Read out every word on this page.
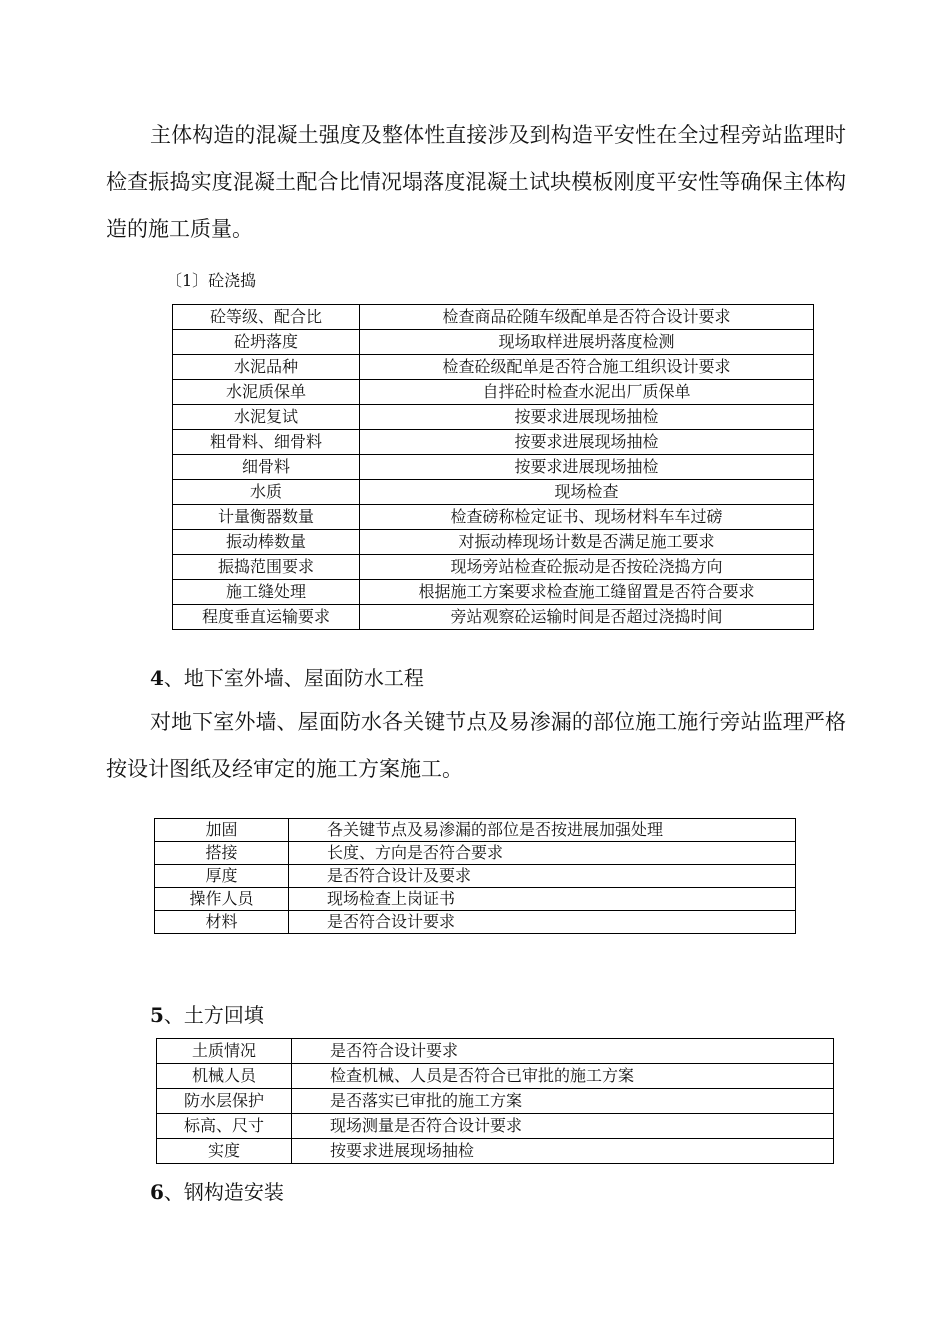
主体构造的混凝土强度及整体性直接涉及到构造平安性在全过程旁站监理时检查振捣实度混凝土配合比情况塌落度混凝土试块模板刚度平安性等确保主体构造的施工质量。

〔1〕砼浇捣

砼等级、配合比	检查商品砼随车级配单是否符合设计要求
砼坍落度	现场取样进展坍落度检测
水泥品种	检查砼级配单是否符合施工组织设计要求
水泥质保单	自拌砼时检查水泥出厂质保单
水泥复试	按要求进展现场抽检
粗骨料、细骨料	按要求进展现场抽检
细骨料	按要求进展现场抽检
水质	现场检查
计量衡器数量	检查磅称检定证书、现场材料车车过磅
振动棒数量	对振动棒现场计数是否满足施工要求
振捣范围要求	现场旁站检查砼振动是否按砼浇捣方向
施工缝处理	根据施工方案要求检查施工缝留置是否符合要求
程度垂直运输要求	旁站观察砼运输时间是否超过浇捣时间

4、地下室外墙、屋面防水工程

对地下室外墙、屋面防水各关键节点及易渗漏的部位施工施行旁站监理严格按设计图纸及经审定的施工方案施工。

加固	各关键节点及易渗漏的部位是否按进展加强处理
搭接	长度、方向是否符合要求
厚度	是否符合设计及要求
操作人员	现场检查上岗证书
材料	是否符合设计要求

5、土方回填

土质情况	是否符合设计要求
机械人员	检查机械、人员是否符合已审批的施工方案
防水层保护	是否落实已审批的施工方案
标高、尺寸	现场测量是否符合设计要求
实度	按要求进展现场抽检

6、钢构造安装
